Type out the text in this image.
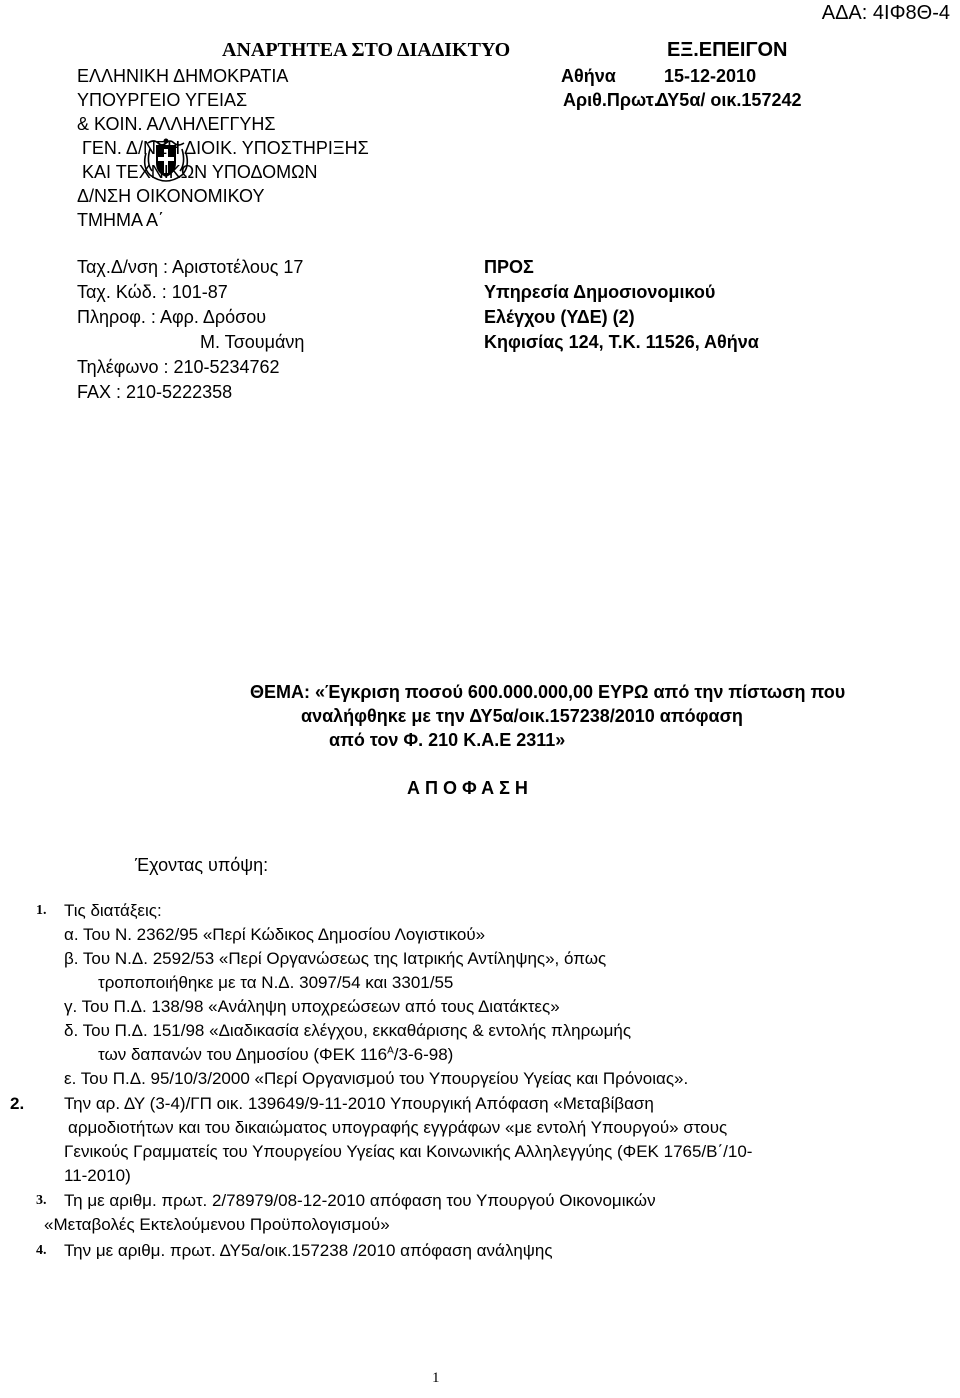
ΑΔΑ: 4ΙΦ8Θ-4
ΑΝΑΡΤΗΤΕΑ ΣΤΟ ΔΙΑΔΙΚΤΥΟ	ΕΞ.ΕΠΕΙΓΟΝ
ΕΛΛΗΝΙΚΗ ΔΗΜΟΚΡΑΤΙΑ
ΥΠΟΥΡΓΕΙΟ ΥΓΕΙΑΣ
& ΚΟΙΝ. ΑΛΛΗΛΕΓΓΥΗΣ
ΓΕΝ. Δ/ΝΣΗ ΔΙΟΙΚ. ΥΠΟΣΤΗΡΙΞΗΣ
ΚΑΙ ΤΕΧΝΙΚΩΝ ΥΠΟΔΟΜΩΝ
Δ/ΝΣΗ ΟΙΚΟΝΟΜΙΚΟΥ
ΤΜΗΜΑ Α΄
Αθήνα	15-12-2010
Αριθ.Πρωτ.
ΔΥ5α/ οικ.157242
Ταχ.Δ/νση : Αριστοτέλους 17
Ταχ. Κώδ. : 101-87
Πληροφ. : Αφρ. Δρόσου
Μ. Τσουμάνη
Τηλέφωνο : 210-5234762
FAX : 210-5222358
ΠΡΟΣ
Υπηρεσία Δημοσιονομικού
Ελέγχου (ΥΔΕ) (2)
Κηφισίας 124, Τ.Κ. 11526, Αθήνα
ΘΕΜΑ: «Έγκριση ποσού 600.000.000,00 ΕΥΡΩ από την πίστωση που
αναλήφθηκε με την ΔΥ5α/οικ.157238/2010 απόφαση
από τον Φ. 210 Κ.Α.Ε 2311»
Α Π Ο Φ Α Σ Η
Έχοντας υπόψη:
1. Τις διατάξεις:
α. Του Ν. 2362/95 «Περί Κώδικος Δημοσίου Λογιστικού»
β. Του Ν.Δ. 2592/53 «Περί Οργανώσεως της Ιατρικής Αντίληψης», όπως
τροποποιήθηκε με τα Ν.Δ. 3097/54 και 3301/55
γ. Του Π.Δ. 138/98 «Ανάληψη υποχρεώσεων από τους Διατάκτες»
δ. Του Π.Δ. 151/98 «Διαδικασία ελέγχου, εκκαθάρισης & εντολής πληρωμής
των δαπανών του Δημοσίου (ΦΕΚ $116^A/3-6-98$)
ε. Του Π.Δ. 95/10/3/2000 «Περί Οργανισμού του Υπουργείου Υγείας και Πρόνοιας».
2. Την αρ. ΔΥ (3-4)/ΓΠ οικ. 139649/9-11-2010 Υπουργική Απόφαση «Μεταβίβαση
αρμοδιοτήτων και του δικαιώματος υπογραφής εγγράφων «με εντολή Υπουργού» στους
Γενικούς Γραμματείς του Υπουργείου Υγείας και Κοινωνικής Αλληλεγγύης (ΦΕΚ 1765/Β΄/10-
11-2010)
3. Τη με αριθμ. πρωτ. 2/78979/08-12-2010 απόφαση του Υπουργού Οικονομικών
«Μεταβολές Εκτελούμενου Προϋπολογισμού»
4. Την με αριθμ. πρωτ. ΔΥ5α/οικ.157238 /2010 απόφαση ανάληψης
1
